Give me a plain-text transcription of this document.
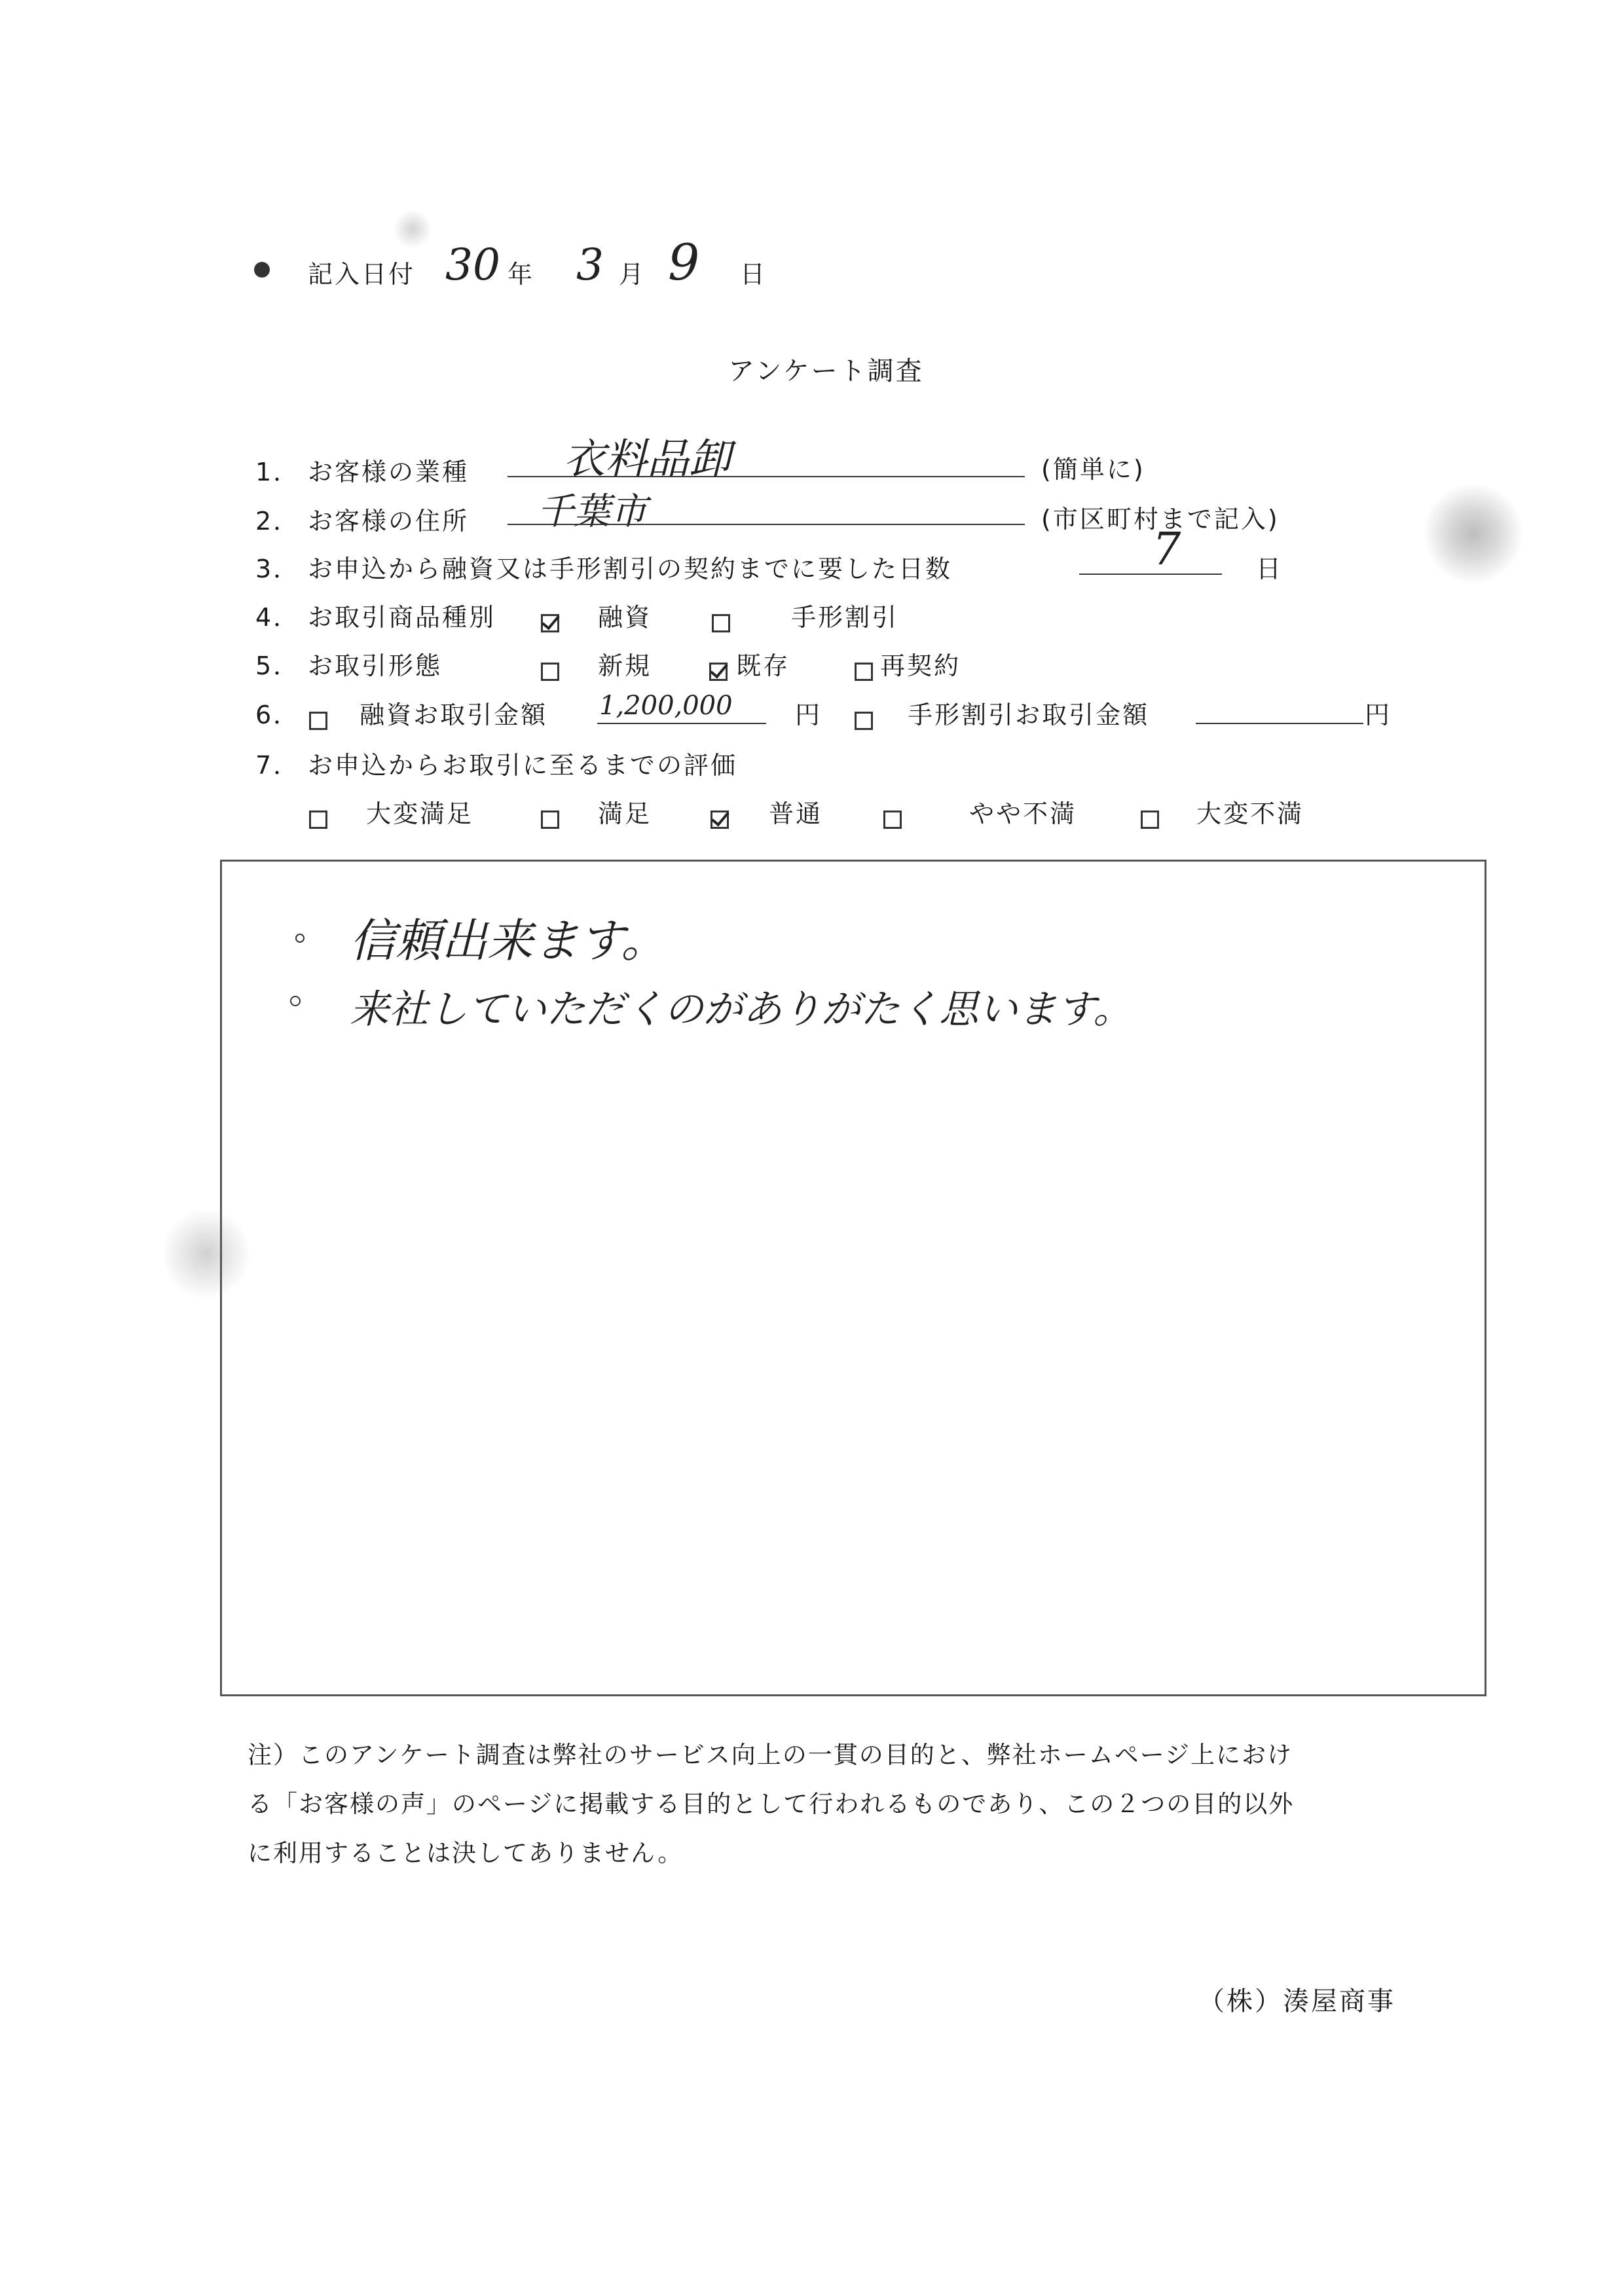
記入日付 30 年 3 月 9 日
アンケート調査
1． お客様の業種 衣料品卸	(簡単に)
2． お客様の住所 千葉市	(市区町村まで記入)
3． お申込から融資又は手形割引の契約までに要した日数	7	日
4． お取引商品種別	融資	手形割引
5． お取引形態	新規	既存	再契約
6．	融資お取引金額 1,200,000	円	手形割引お取引金額	円
7． お申込からお取引に至るまでの評価
大変満足	満足	普通	やや不満	大変不満
信頼出来ます。
来社していただくのがありがたく思います。
注）このアンケート調査は弊社のサービス向上の一貫の目的と、弊社ホームページ上におけ
る「お客様の声」のページに掲載する目的として行われるものであり、この２つの目的以外
に利用することは決してありません。
（株）湊屋商事
